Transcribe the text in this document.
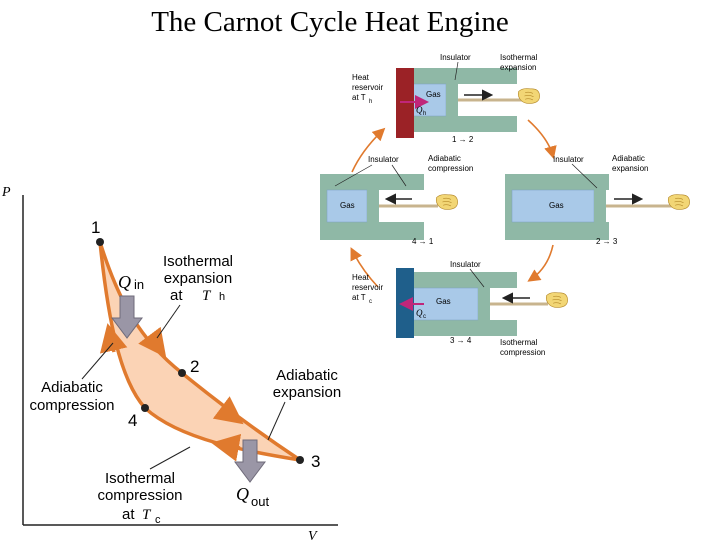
The Carnot Cycle Heat Engine
P
V
1
2
3
4
Q in
Q out
Isothermal
expansion
at T h
Adiabatic
expansion
Adiabatic
compression
Isothermal
compression
at T c
Gas
Q h
Insulator	Isothermal
expansion
Heat
reservoir
at T h
1 → 2
Gas
Insulator	Adiabatic
expansion
2 → 3
Gas
Q c
Insulator
Isothermal
compression
Heat
reservoir
at T c
3 → 4
Gas
Insulator	Adiabatic
compression
4 → 1
